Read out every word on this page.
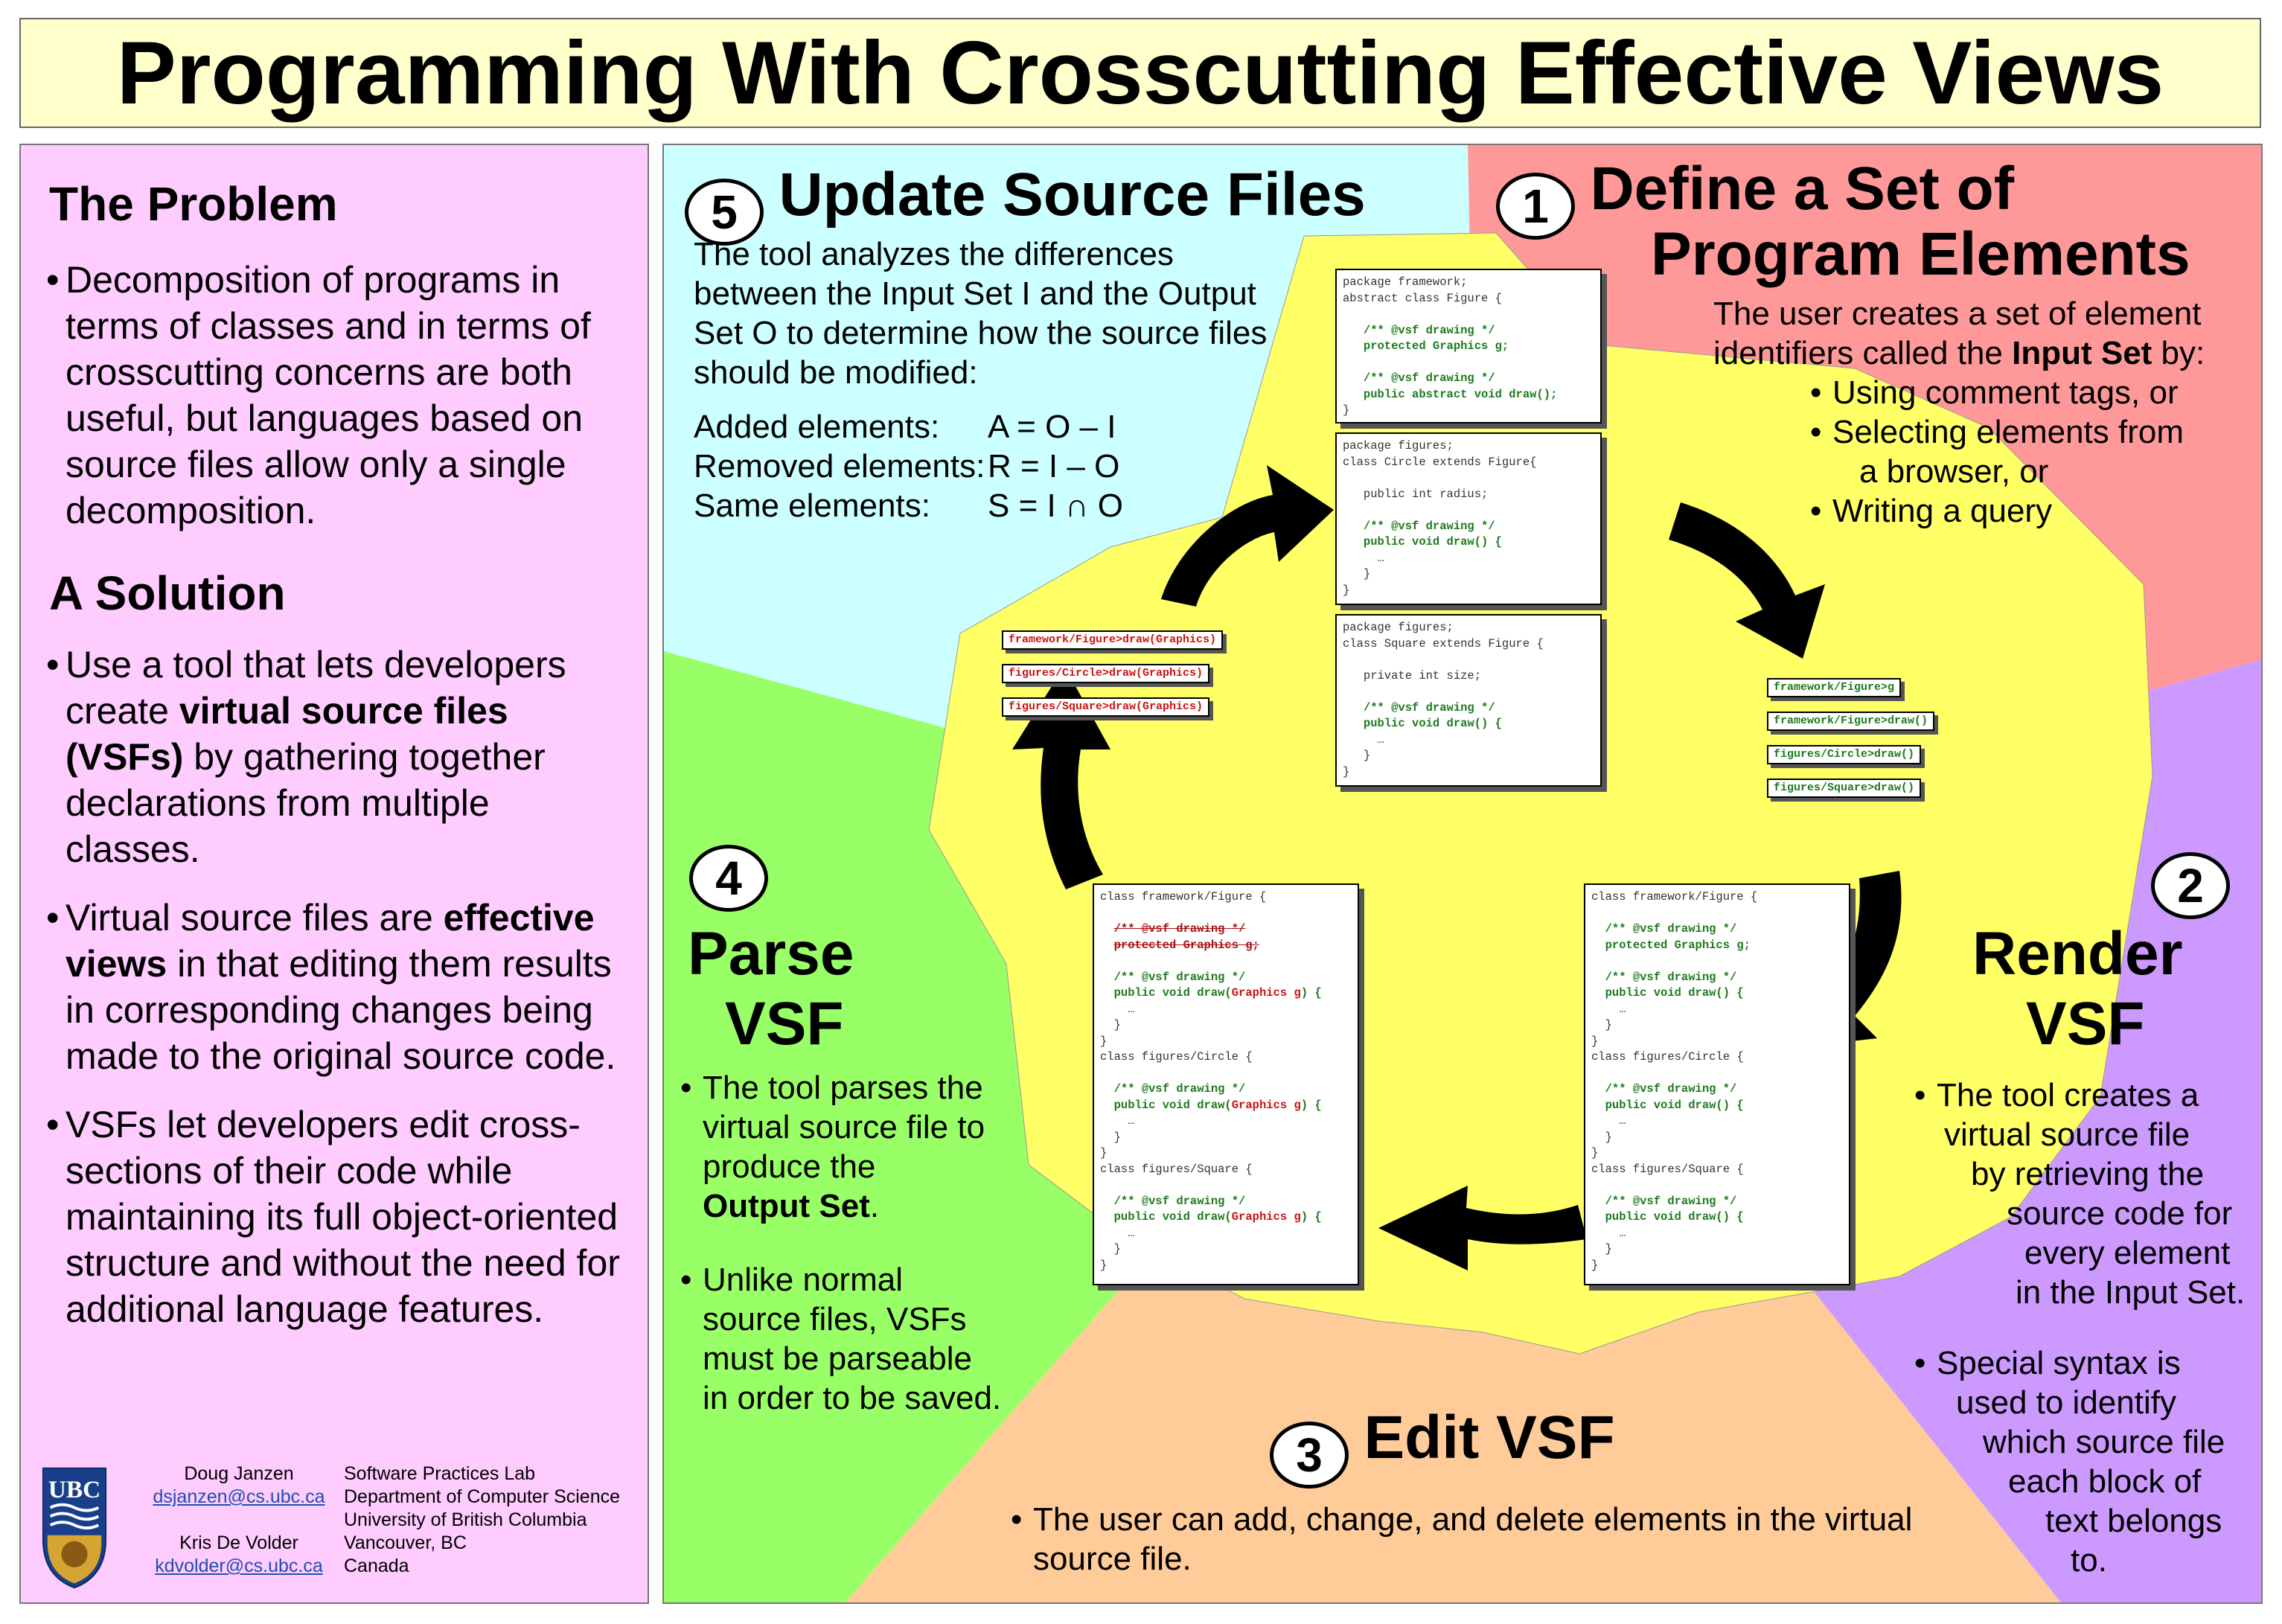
Programming With Crosscutting Effective Views
The Problem
• Decomposition of programs in terms of classes and in terms of crosscutting concerns are both useful, but languages based on source files allow only a single decomposition.
A Solution
• Use a tool that lets developers create virtual source files (VSFs) by gathering together declarations from multiple classes.
• Virtual source files are effective views in that editing them results in corresponding changes being made to the original source code.
• VSFs let developers edit cross-sections of their code while maintaining its full object-oriented structure and without the need for additional language features.
UBC
Doug Janzen
dsjanzen@cs.ubc.ca
Kris De Volder
kdvolder@cs.ubc.ca
Software Practices Lab
Department of Computer Science
University of British Columbia
Vancouver, BC
Canada
5 Update Source Files
The tool analyzes the differences
between the Input Set I and the Output
Set O to determine how the source files
should be modified:
Added elements: A = O – I
Removed elements: R = I – O
Same elements: S = I ∩ O
1 Define a Set of
Program Elements
The user creates a set of element identifiers called the Input Set by:
• Using comment tags, or
• Selecting elements from
a browser, or
• Writing a query
2
Render
VSF
• The tool creates a
virtual source file
by retrieving the
source code for
every element
in the Input Set.
• Special syntax is
used to identify
which source file
each block of
text belongs
to.
3 Edit VSF
• The user can add, change, and delete elements in the virtual
source file.
4
Parse
VSF
• The tool parses the
virtual source file to
produce the
Output Set.
• Unlike normal
source files, VSFs
must be parseable
in order to be saved.
package framework;
abstract class Figure {

/** @vsf drawing */
protected Graphics g;

/** @vsf drawing */
public abstract void draw();
}
package figures;
class Circle extends Figure{

public int radius;

/** @vsf drawing */
public void draw() {
…
}
}
package figures;
class Square extends Figure {

private int size;

/** @vsf drawing */
public void draw() {
…
}
}
framework/Figure>g
framework/Figure>draw()
figures/Circle>draw()
figures/Square>draw()
framework/Figure>draw(Graphics)
figures/Circle>draw(Graphics)
figures/Square>draw(Graphics)
class framework/Figure {

/** @vsf drawing */
protected Graphics g;

/** @vsf drawing */
public void draw(Graphics g) {
…
}
}
class figures/Circle {

/** @vsf drawing */
public void draw(Graphics g) {
…
}
}
class figures/Square {

/** @vsf drawing */
public void draw(Graphics g) {
…
}
}
class framework/Figure {

/** @vsf drawing */
protected Graphics g;

/** @vsf drawing */
public void draw() {
…
}
}
class figures/Circle {

/** @vsf drawing */
public void draw() {
…
}
}
class figures/Square {

/** @vsf drawing */
public void draw() {
…
}
}
